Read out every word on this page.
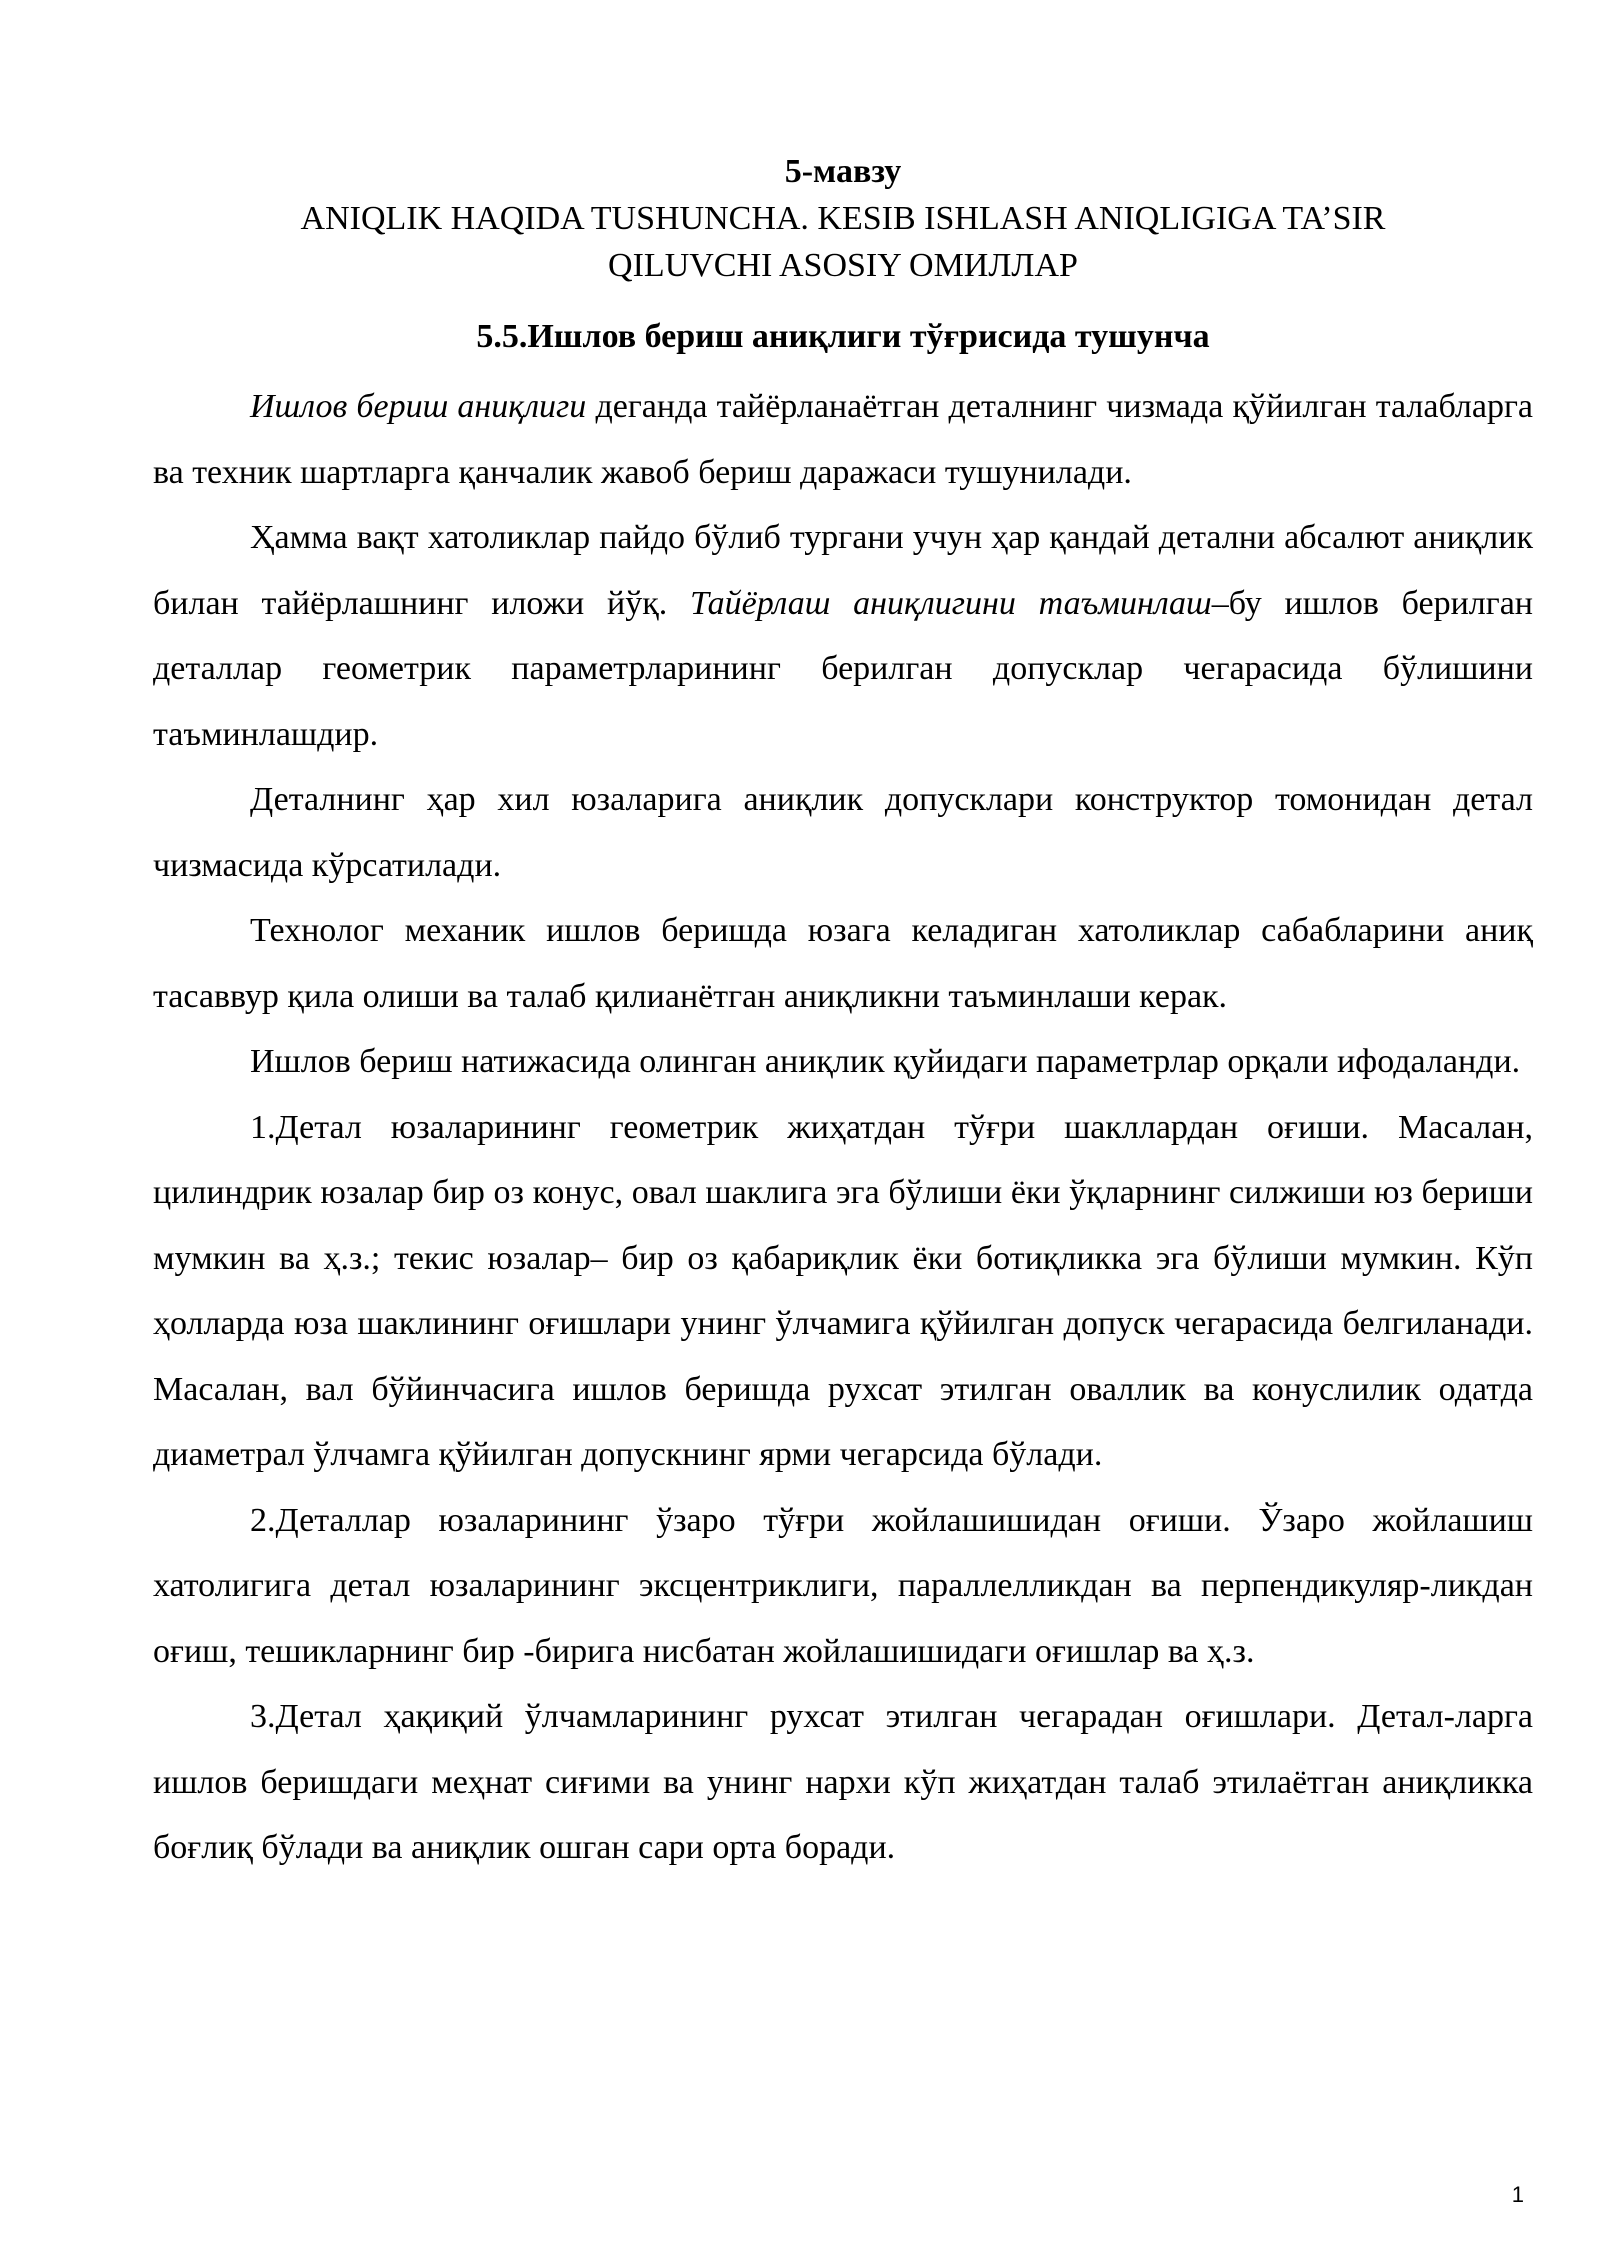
5-мавзу
ANIQLIK HAQIDA TUSHUNCHA. KESIB ISHLASH ANIQLIGIGA TA’SIR
QILUVCHI ASOSIY ОМИЛЛАР
5.5.Ишлов бериш аниқлиги тўғрисида тушунча

Ишлов бериш аниқлиги деганда тайёрланаётган деталнинг чизмада қўйилган талабларга ва техник шартларга қанчалик жавоб бериш даражаси тушунилади.

Ҳамма вақт хатоликлар пайдо бўлиб тургани учун ҳар қандай детални абсалют аниқлик билан тайёрлашнинг иложи йўқ. Тайёрлаш аниқлигини таъминлаш–бу ишлов берилган деталлар геометрик параметрларининг берилган допусклар чегарасида бўлишини таъминлашдир.

Деталнинг ҳар хил юзаларига аниқлик допусклари конструктор томонидан детал чизмасида кўрсатилади.

Технолог механик ишлов беришда юзага келадиган хатоликлар сабабларини аниқ тасаввур қила олиши ва талаб қилианётган аниқликни таъминлаши керак.

Ишлов бериш натижасида олинган аниқлик қуйидаги параметрлар орқали ифодаланди.

1.Детал юзаларининг геометрик жиҳатдан тўғри шакллардан оғиши. Масалан, цилиндрик юзалар бир оз конус, овал шаклига эга бўлиши ёки ўқларнинг силжиши юз бериши мумкин ва ҳ.з.; текис юзалар– бир оз қабариқлик ёки ботиқликка эга бўлиши мумкин. Кўп ҳолларда юза шаклининг оғишлари унинг ўлчамига қўйилган допуск чегарасида белгиланади. Масалан, вал бўйинчасига ишлов беришда рухсат этилган оваллик ва конуслилик одатда диаметрал ўлчамга қўйилган допускнинг ярми чегарсида бўлади.

2.Деталлар юзаларининг ўзаро тўғри жойлашишидан оғиши. Ўзаро жойлашиш хатолигига детал юзаларининг эксцентриклиги, параллелликдан ва перпендикуляр-ликдан оғиш, тешикларнинг бир -бирига нисбатан жойлашишидаги оғишлар ва ҳ.з.

3.Детал ҳақиқий ўлчамларининг рухсат этилган чегарадан оғишлари. Детал-ларга ишлов беришдаги меҳнат сиғими ва унинг нархи кўп жиҳатдан талаб этилаётган аниқликка боғлиқ бўлади ва аниқлик ошган сари орта боради.

1
